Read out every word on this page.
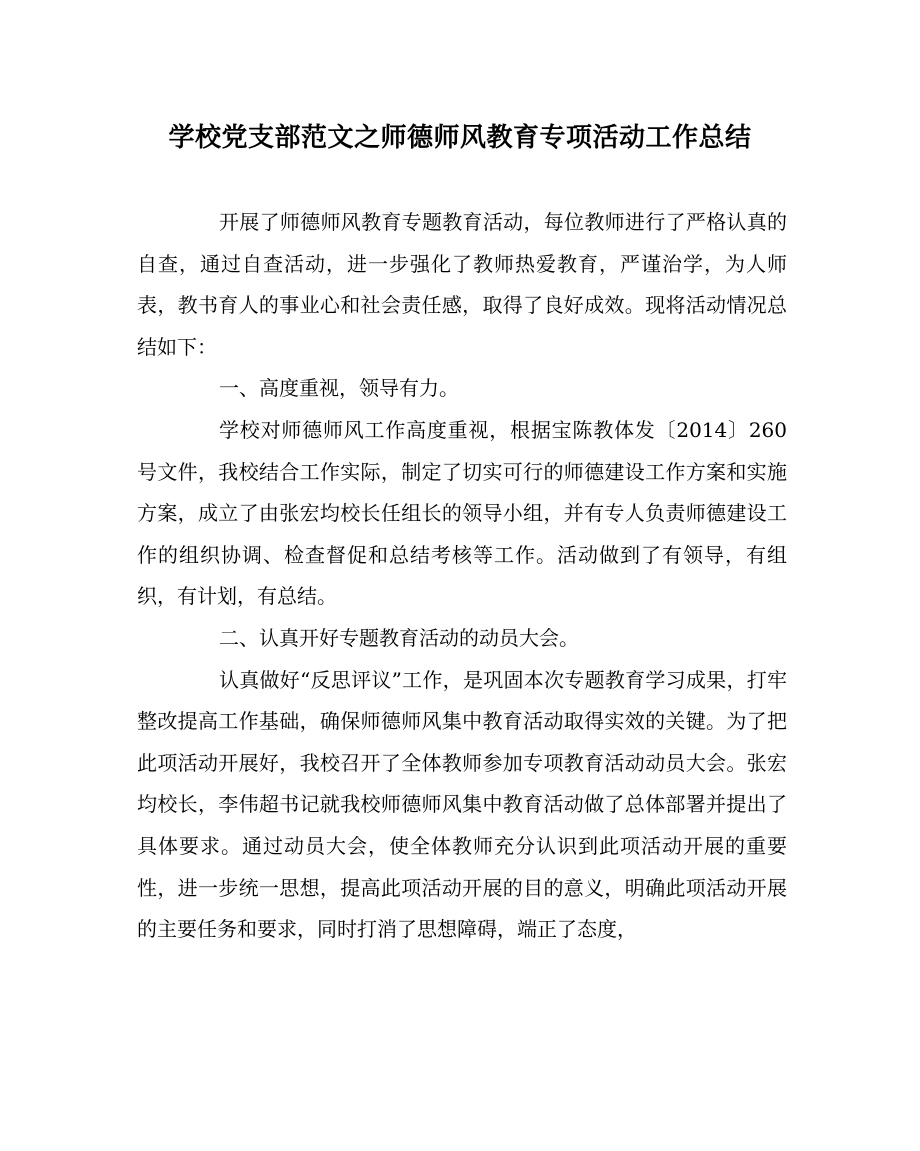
学校党支部范文之师德师风教育专项活动工作总结

开展了师德师风教育专题教育活动，每位教师进行了严格认真的自查，通过自查活动，进一步强化了教师热爱教育，严谨治学，为人师表，教书育人的事业心和社会责任感，取得了良好成效。现将活动情况总结如下：

一、高度重视，领导有力。

学校对师德师风工作高度重视，根据宝陈教体发〔2014〕260号文件，我校结合工作实际，制定了切实可行的师德建设工作方案和实施方案，成立了由张宏均校长任组长的领导小组，并有专人负责师德建设工作的组织协调、检查督促和总结考核等工作。活动做到了有领导，有组织，有计划，有总结。

二、认真开好专题教育活动的动员大会。

认真做好“反思评议”工作，是巩固本次专题教育学习成果，打牢整改提高工作基础，确保师德师风集中教育活动取得实效的关键。为了把此项活动开展好，我校召开了全体教师参加专项教育活动动员大会。张宏均校长，李伟超书记就我校师德师风集中教育活动做了总体部署并提出了具体要求。通过动员大会，使全体教师充分认识到此项活动开展的重要性，进一步统一思想，提高此项活动开展的目的意义，明确此项活动开展的主要任务和要求，同时打消了思想障碍，端正了态度，
